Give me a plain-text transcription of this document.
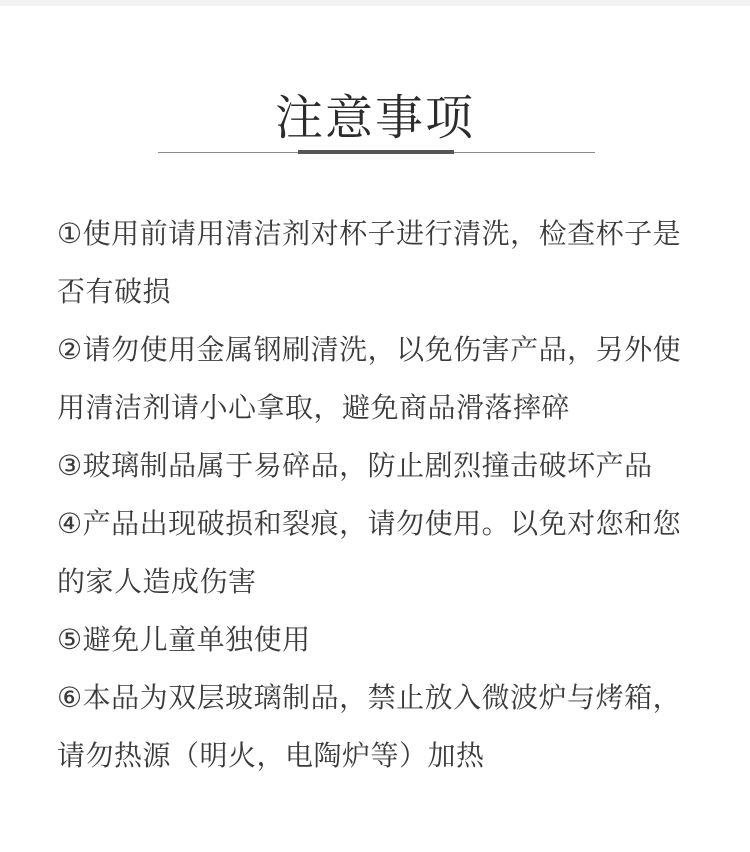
注意事项
①使用前请用清洁剂对杯子进行清洗，检查杯子是否有破损
②请勿使用金属钢刷清洗，以免伤害产品，另外使用清洁剂请小心拿取，避免商品滑落摔碎
③玻璃制品属于易碎品，防止剧烈撞击破坏产品
④产品出现破损和裂痕，请勿使用。以免对您和您的家人造成伤害
⑤避免儿童单独使用
⑥本品为双层玻璃制品，禁止放入微波炉与烤箱，请勿热源（明火，电陶炉等）加热
